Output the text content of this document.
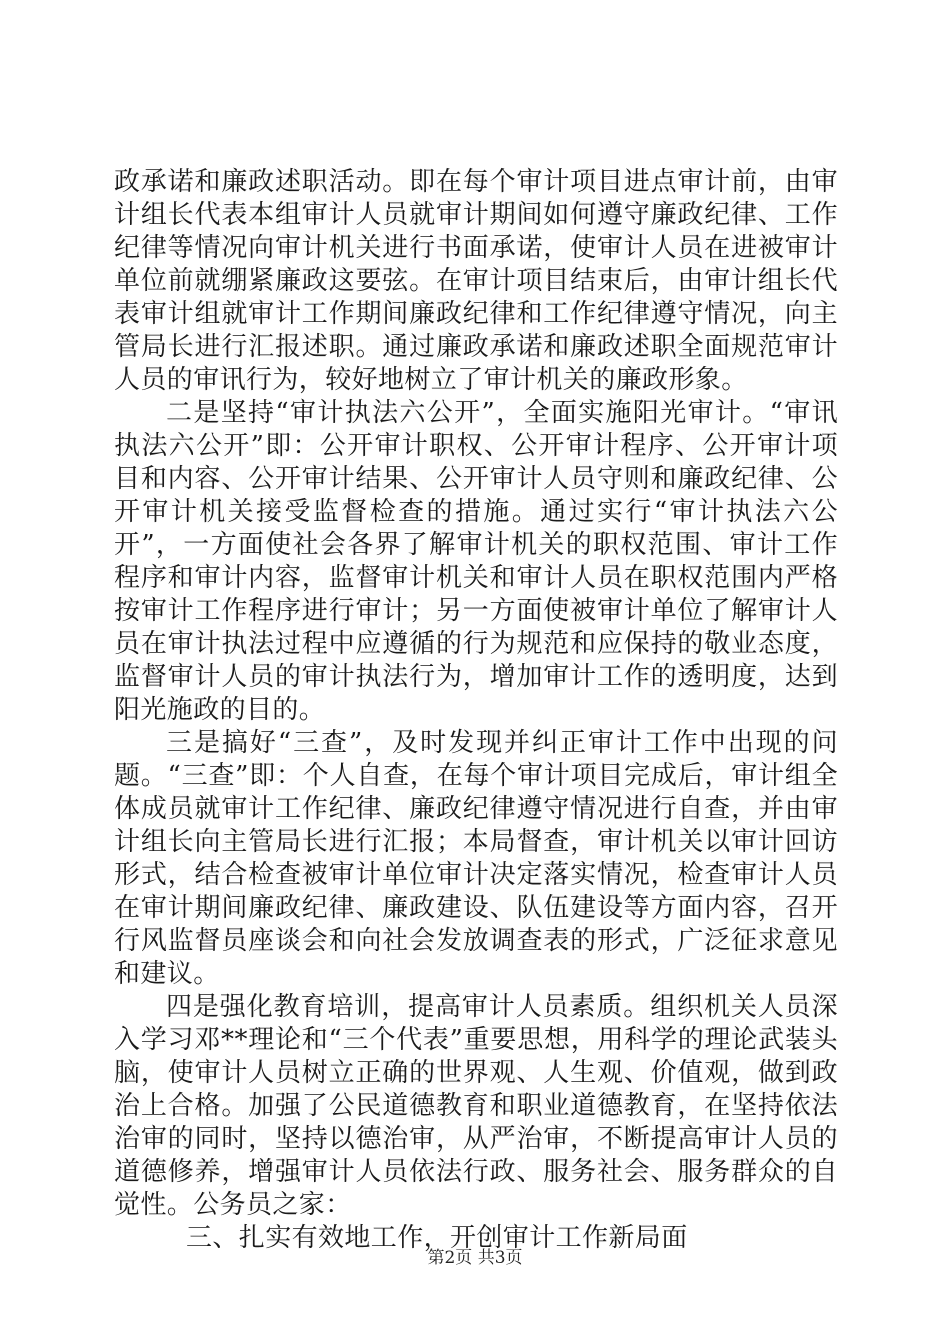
政承诺和廉政述职活动。即在每个审计项目进点审计前，由审计组长代表本组审计人员就审计期间如何遵守廉政纪律、工作纪律等情况向审计机关进行书面承诺，使审计人员在进被审计单位前就绷紧廉政这要弦。在审计项目结束后，由审计组长代表审计组就审计工作期间廉政纪律和工作纪律遵守情况，向主管局长进行汇报述职。通过廉政承诺和廉政述职全面规范审计人员的审讯行为，较好地树立了审计机关的廉政形象。

二是坚持“审计执法六公开”，全面实施阳光审计。“审讯执法六公开”即：公开审计职权、公开审计程序、公开审计项目和内容、公开审计结果、公开审计人员守则和廉政纪律、公开审计机关接受监督检查的措施。通过实行“审计执法六公开”，一方面使社会各界了解审计机关的职权范围、审计工作程序和审计内容，监督审计机关和审计人员在职权范围内严格按审计工作程序进行审计；另一方面使被审计单位了解审计人员在审计执法过程中应遵循的行为规范和应保持的敬业态度，监督审计人员的审计执法行为，增加审计工作的透明度，达到阳光施政的目的。

三是搞好“三查”，及时发现并纠正审计工作中出现的问题。“三查”即：个人自查，在每个审计项目完成后，审计组全体成员就审计工作纪律、廉政纪律遵守情况进行自查，并由审计组长向主管局长进行汇报；本局督查，审计机关以审计回访形式，结合检查被审计单位审计决定落实情况，检查审计人员在审计期间廉政纪律、廉政建设、队伍建设等方面内容，召开行风监督员座谈会和向社会发放调查表的形式，广泛征求意见和建议。

四是强化教育培训，提高审计人员素质。组织机关人员深入学习邓**理论和“三个代表”重要思想，用科学的理论武装头脑，使审计人员树立正确的世界观、人生观、价值观，做到政治上合格。加强了公民道德教育和职业道德教育，在坚持依法治审的同时，坚持以德治审，从严治审，不断提高审计人员的道德修养，增强审计人员依法行政、服务社会、服务群众的自觉性。公务员之家：

三、扎实有效地工作，开创审计工作新局面

第2页 共3页
